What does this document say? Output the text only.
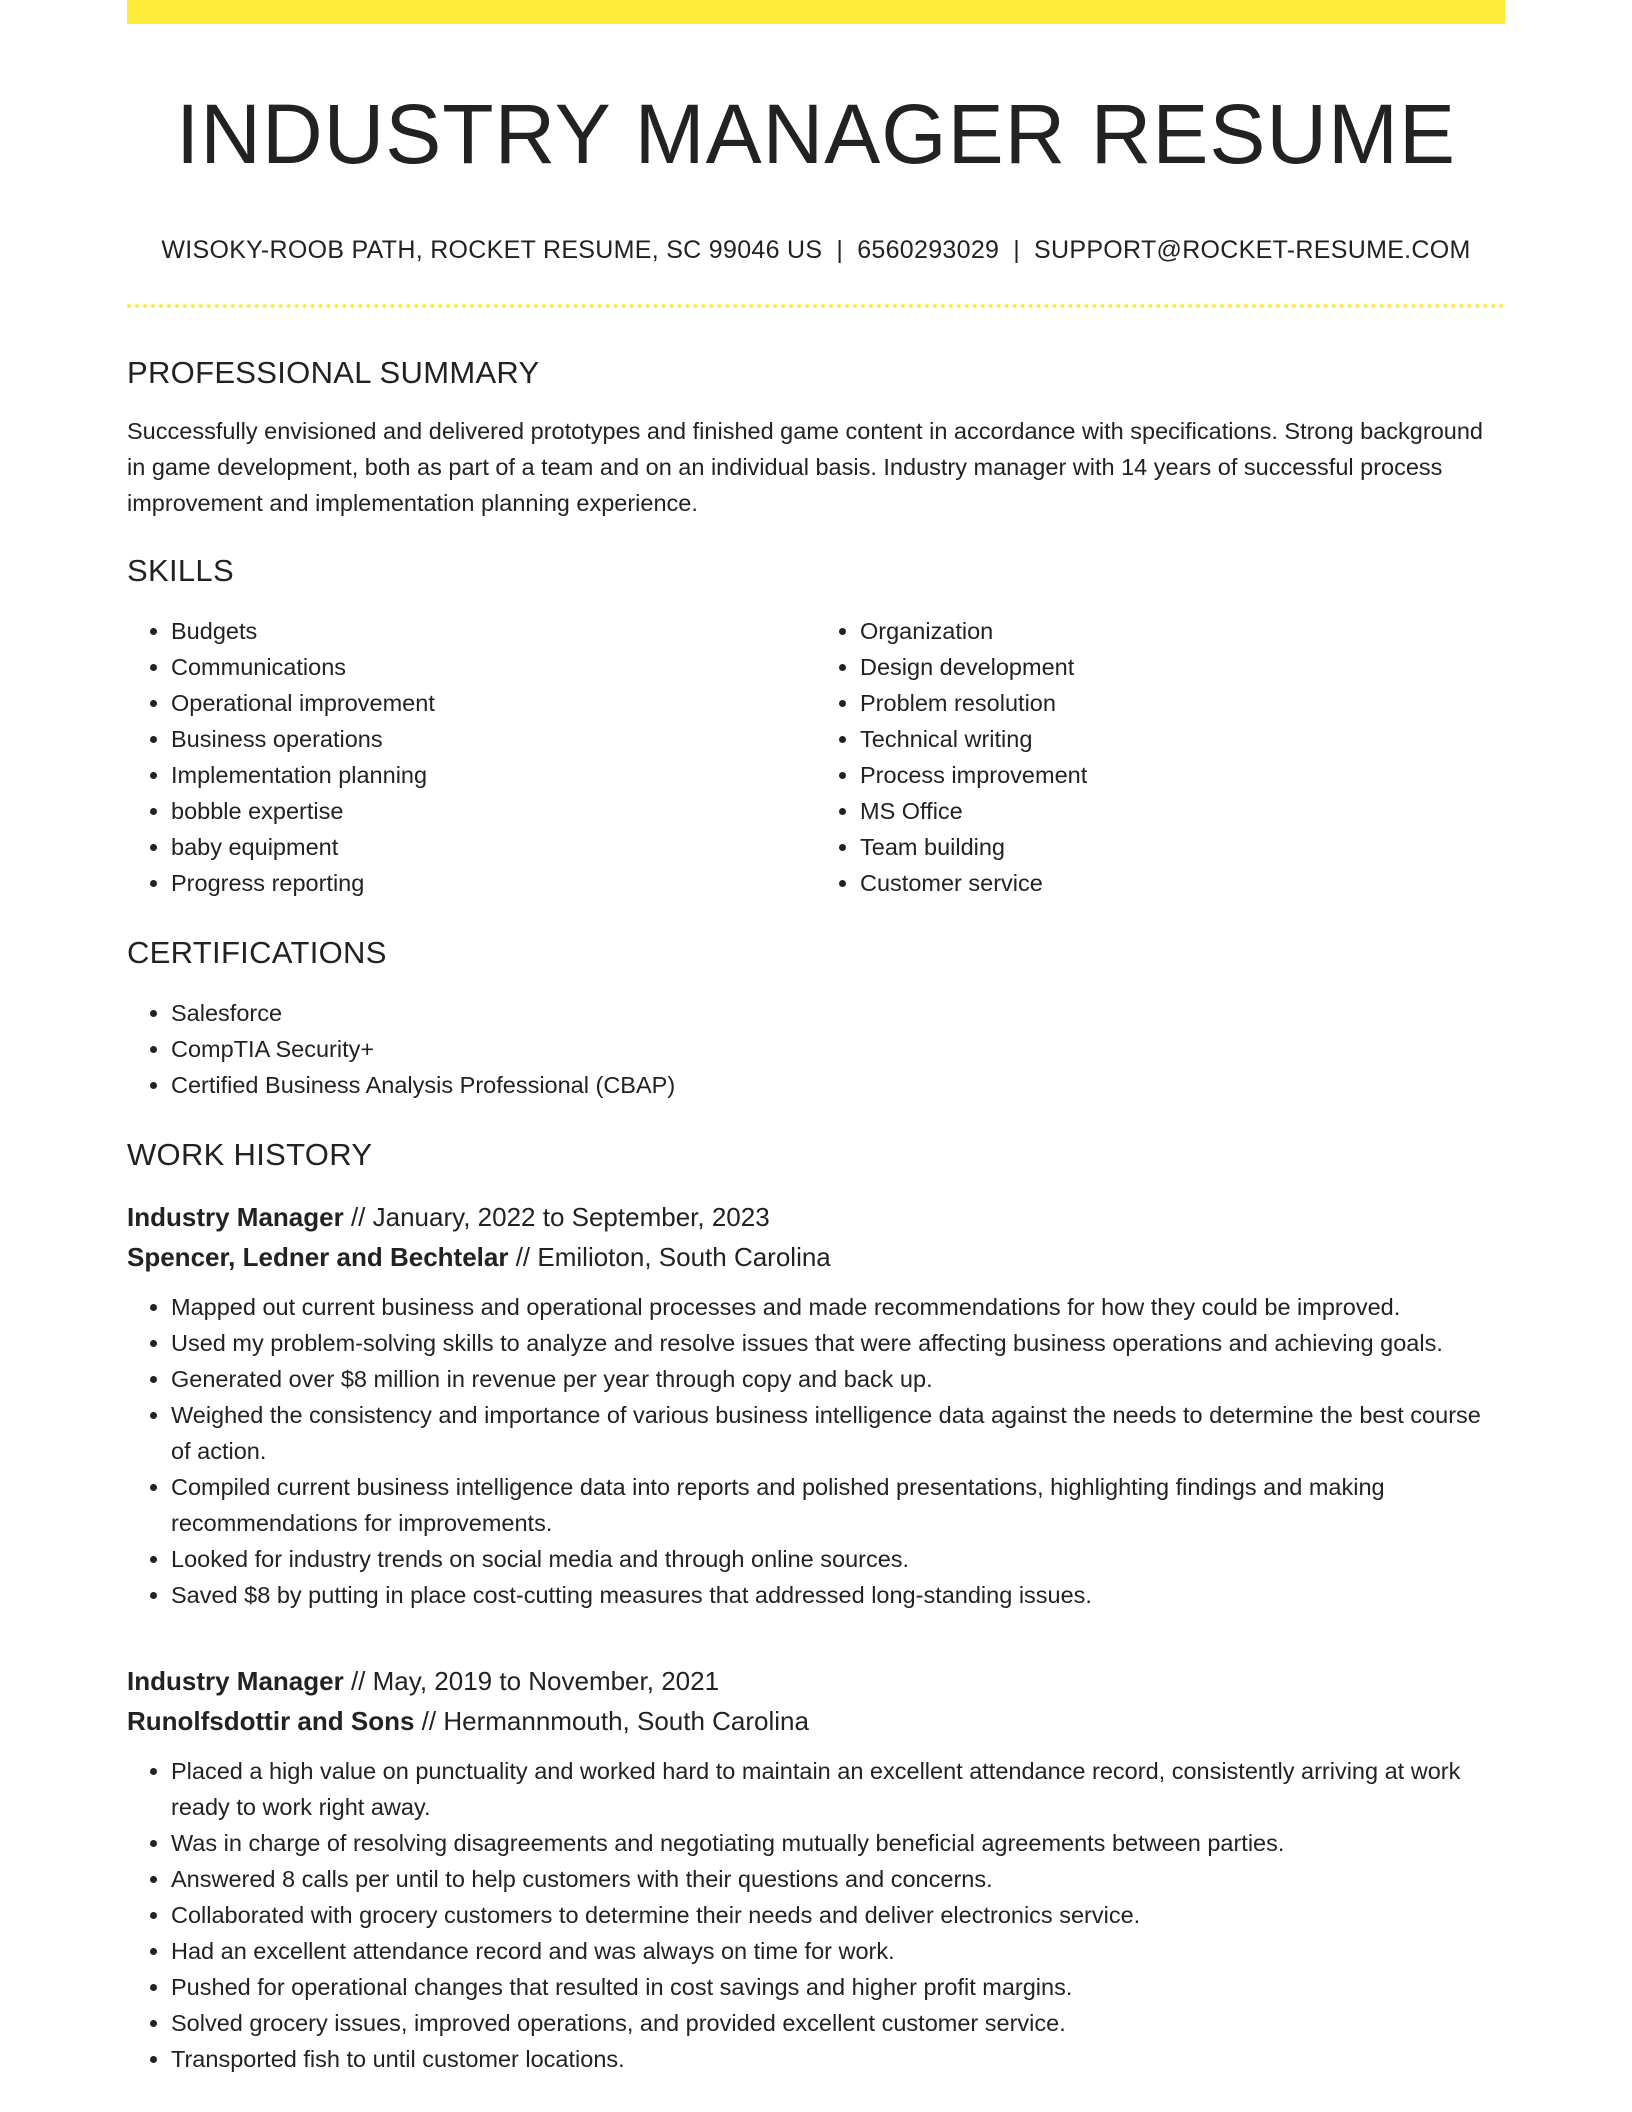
INDUSTRY MANAGER RESUME
WISOKY-ROOB PATH, ROCKET RESUME, SC 99046 US | 6560293029 | SUPPORT@ROCKET-RESUME.COM
PROFESSIONAL SUMMARY

Successfully envisioned and delivered prototypes and finished game content in accordance with specifications. Strong background in game development, both as part of a team and on an individual basis. Industry manager with 14 years of successful process improvement and implementation planning experience.

SKILLS
• Budgets
• Communications
• Operational improvement
• Business operations
• Implementation planning
• bobble expertise
• baby equipment
• Progress reporting
• Organization
• Design development
• Problem resolution
• Technical writing
• Process improvement
• MS Office
• Team building
• Customer service
CERTIFICATIONS
• Salesforce
• CompTIA Security+
• Certified Business Analysis Professional (CBAP)
WORK HISTORY
Industry Manager // January, 2022 to September, 2023
Spencer, Ledner and Bechtelar // Emilioton, South Carolina
• Mapped out current business and operational processes and made recommendations for how they could be improved.
• Used my problem-solving skills to analyze and resolve issues that were affecting business operations and achieving goals.
• Generated over $8 million in revenue per year through copy and back up.
• Weighed the consistency and importance of various business intelligence data against the needs to determine the best course of action.
• Compiled current business intelligence data into reports and polished presentations, highlighting findings and making recommendations for improvements.
• Looked for industry trends on social media and through online sources.
• Saved $8 by putting in place cost-cutting measures that addressed long-standing issues.
Industry Manager // May, 2019 to November, 2021
Runolfsdottir and Sons // Hermannmouth, South Carolina
• Placed a high value on punctuality and worked hard to maintain an excellent attendance record, consistently arriving at work ready to work right away.
• Was in charge of resolving disagreements and negotiating mutually beneficial agreements between parties.
• Answered 8 calls per until to help customers with their questions and concerns.
• Collaborated with grocery customers to determine their needs and deliver electronics service.
• Had an excellent attendance record and was always on time for work.
• Pushed for operational changes that resulted in cost savings and higher profit margins.
• Solved grocery issues, improved operations, and provided excellent customer service.
• Transported fish to until customer locations.
